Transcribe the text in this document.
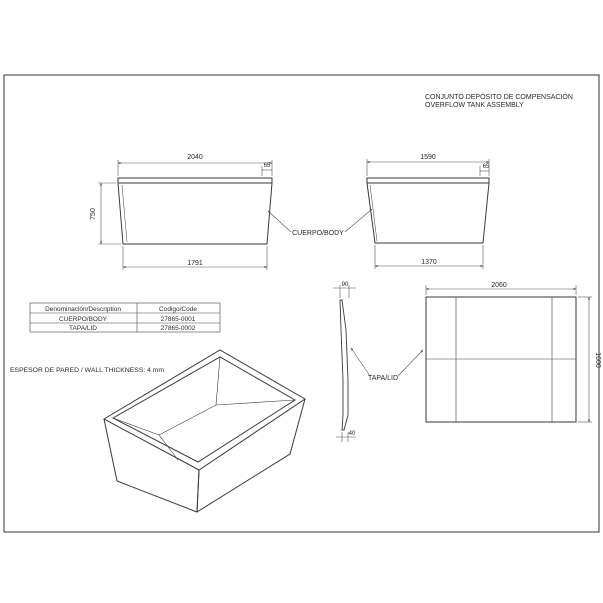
CONJUNTO DEPÓSITO DE COMPENSACIÓN
OVERFLOW TANK ASSEMBLY
2040
65
1791
750
1590
65
1370
CUERPO/BODY
Denominación/Description	Codigo/Code
CUERPO/BODY	27865-0001
TAPA/LID	27865-0002
ESPESOR DE PARED / WALL THICKNESS: 4 mm
90
40
2060
1600
TAPA/LID
